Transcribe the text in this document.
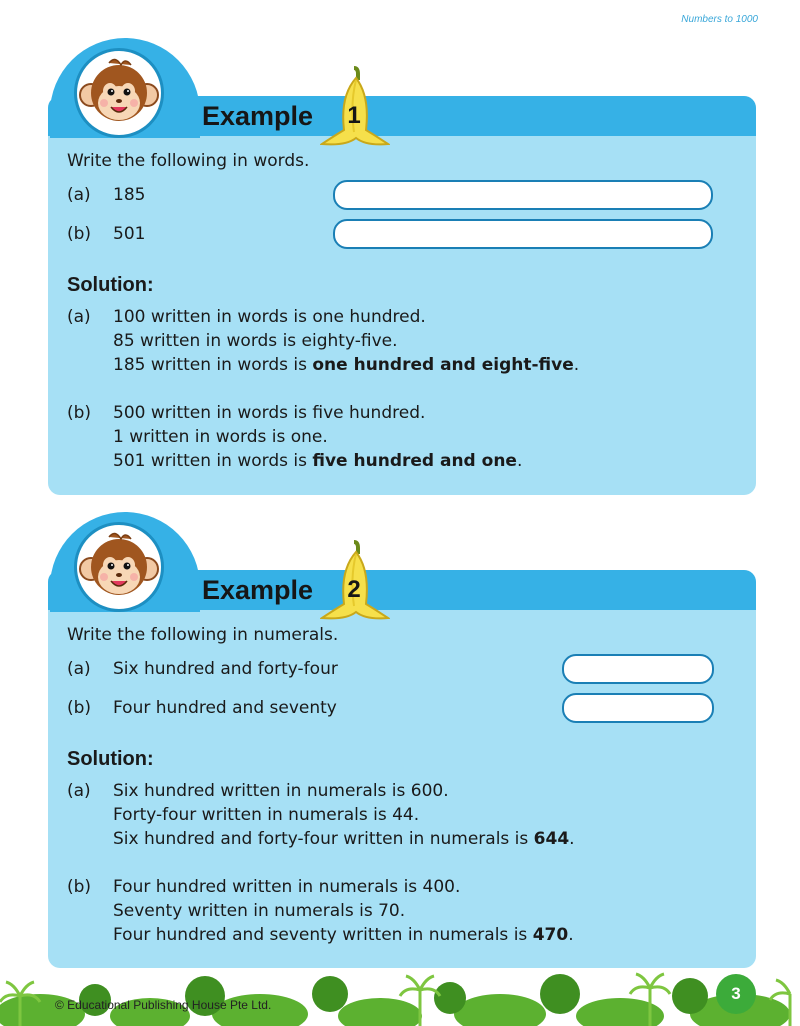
Numbers to 1000
Example 1
Write the following in words.
(a) 185
(b) 501
Solution:
(a) 100 written in words is one hundred.
85 written in words is eighty-five.
185 written in words is one hundred and eight-five.
(b) 500 written in words is five hundred.
1 written in words is one.
501 written in words is five hundred and one.
Example 2
Write the following in numerals.
(a) Six hundred and forty-four
(b) Four hundred and seventy
Solution:
(a) Six hundred written in numerals is 600.
Forty-four written in numerals is 44.
Six hundred and forty-four written in numerals is 644.
(b) Four hundred written in numerals is 400.
Seventy written in numerals is 70.
Four hundred and seventy written in numerals is 470.
© Educational Publishing House Pte Ltd.
3
